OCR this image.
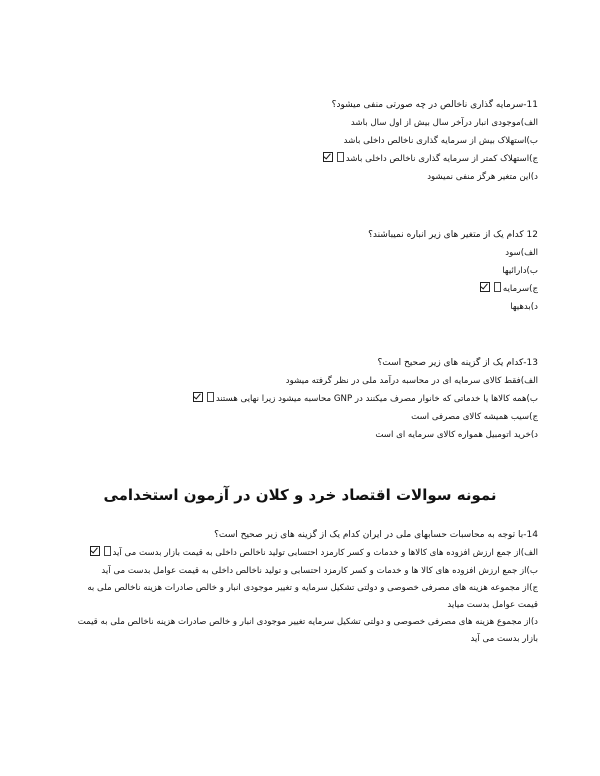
11-سرمایه گذاری ناخالص در چه صورتی منفی میشود؟
الف)موجودی انبار درآخر سال بیش از اول سال باشد
ب)استهلاک بیش از سرمایه گذاری ناخالص داخلی باشد
ج)استهلاک کمتر از سرمایه گذاری ناخالص داخلی باشد
د)این متغیر هرگز منفی نمیشود
12 کدام یک از متغیر های زیر انباره نمیباشند؟
الف)سود
ب)دارائیها
ج)سرمایه
د)بدهیها
13-کدام یک از گزینه های زیر صحیح است؟
الف)فقط کالای سرمایه ای در محاسبه درآمد ملی در نظر گرفته میشود
ب)همه کالاها یا خدماتی که خانوار مصرف میکنند در GNP محاسبه میشود زیرا نهایی هستند
ج)سیب همیشه کالای مصرفی است
د)خرید اتومبیل همواره کالای سرمایه ای است
نمونه سوالات اقتصاد خرد و کلان در آزمون استخدامی
14-با توجه به محاسبات حسابهای ملی در ایران کدام یک از گزینه های زیر صحیح است؟
الف)از جمع ارزش افزوده های کالاها و خدمات و کسر کارمزد احتسابی تولید ناخالص داخلی به قیمت بازار بدست می آید
ب)از جمع ارزش افزوده های کالا ها و خدمات و کسر کارمزد احتسابی و تولید ناخالص داخلی به قیمت عوامل بدست می آید
ج)از مجموعه هزینه های مصرفی خصوصی و دولتی تشکیل سرمایه و تغییر موجودی انبار و خالص صادرات هزینه ناخالص ملی به قیمت عوامل بدست میاید
د)از مجموع هزینه های مصرفی خصوصی و دولتی تشکیل سرمایه تغییر موجودی انبار و خالص صادرات هزینه ناخالص ملی به قیمت بازار بدست می آید
